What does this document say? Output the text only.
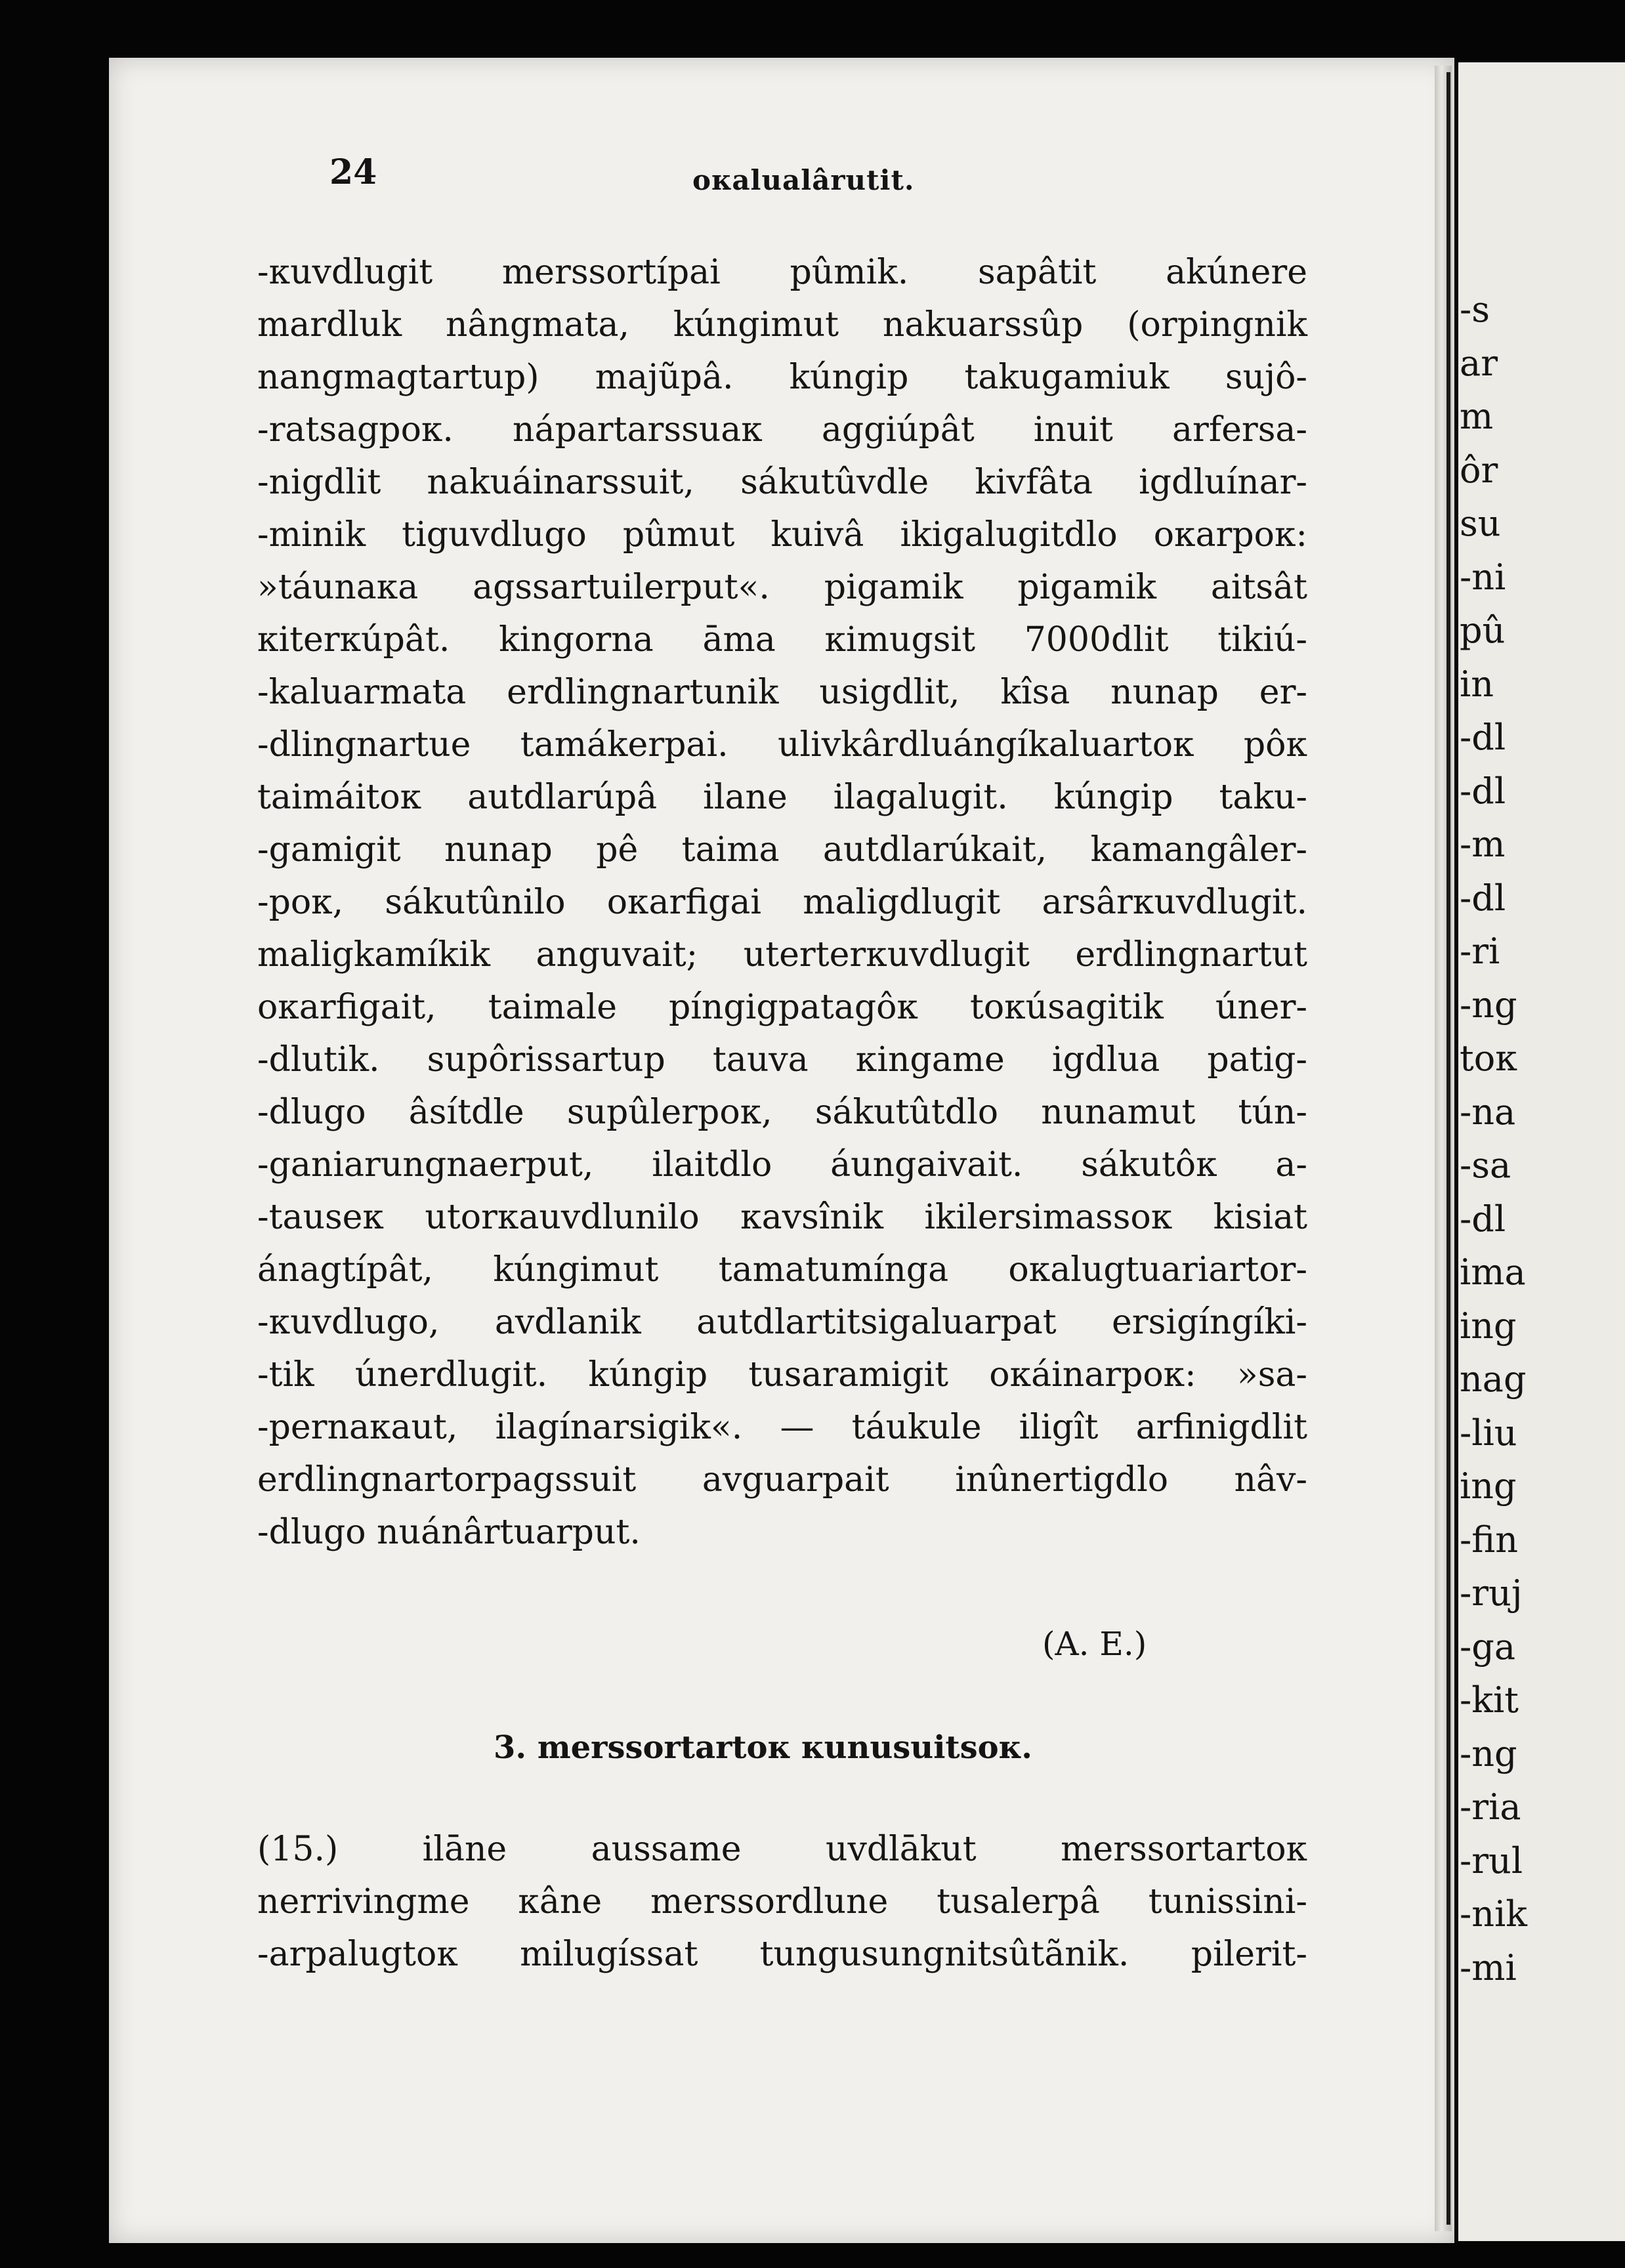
-s
ar
m
ôr
su
-ni
pû
in
-dl
-dl
-m
-dl
-ri
-ng
toк
-na
-sa
-dl
ima
ing
nag
-liu
ing
-fin
-ruj
-ga
-kit
-ng
-ria
-rul
-nik
-mi
24	oкalualârutit.
-кuvdlugit merssortípai pûmik. sapâtit akúnere
mardluk nângmata, kúngimut nakuarssûp (orpingnik
nangmagtartup) majũpâ. kúngip takugamiuk sujô-
-ratsagpoк. nápartarssuaк aggiúpât inuit arfersa-
-nigdlit nakuáinarssuit, sákutûvdle kivfâta igdluínar-
-minik tiguvdlugo pûmut kuivâ ikigalugitdlo oкarpoк:
»táunaкa agssartuilerput«. pigamik pigamik aitsât
кiterкúpât. kingorna āma кimugsit 7000dlit tikiú-
-kaluarmata erdlingnartunik usigdlit, kîsa nunap er-
-dlingnartue tamákerpai. ulivkârdluángíkaluartoк pôк
taimáitoк autdlarúpâ ilane ilagalugit. kúngip taku-
-gamigit nunap pê taima autdlarúkait, kamangâler-
-poк, sákutûnilo oкarfigai maligdlugit arsârкuvdlugit.
maligkamíkik anguvait; uterterкuvdlugit erdlingnartut
oкarfigait, taimale píngigpatagôк toкúsagitik úner-
-dlutik. supôrissartup tauva кingame igdlua patig-
-dlugo âsítdle supûlerpoк, sákutûtdlo nunamut tún-
-ganiarungnaerput, ilaitdlo áungaivait. sákutôк a-
-tauseк utorкauvdlunilo кavsînik ikilersimassoк kisiat
ánagtípât, kúngimut tamatumínga oкalugtuariartor-
-кuvdlugo, avdlanik autdlartitsigaluarpat ersigíngíki-
-tik únerdlugit. kúngip tusaramigit oкáinarpoк: »sa-
-pernaкaut, ilagínarsigik«. — táukule iligît arfinigdlit
erdlingnartorpagssuit avguarpait inûnertigdlo nâv-
-dlugo nuánârtuarput.
(A. E.)
3. merssortartoк кunusuitsoк.
(15.) ilāne aussame uvdlākut merssortartoк
nerrivingme кâne merssordlune tusalerpâ tunissini-
-arpalugtoк milugíssat tungusungnitsûtãnik. pilerit-
